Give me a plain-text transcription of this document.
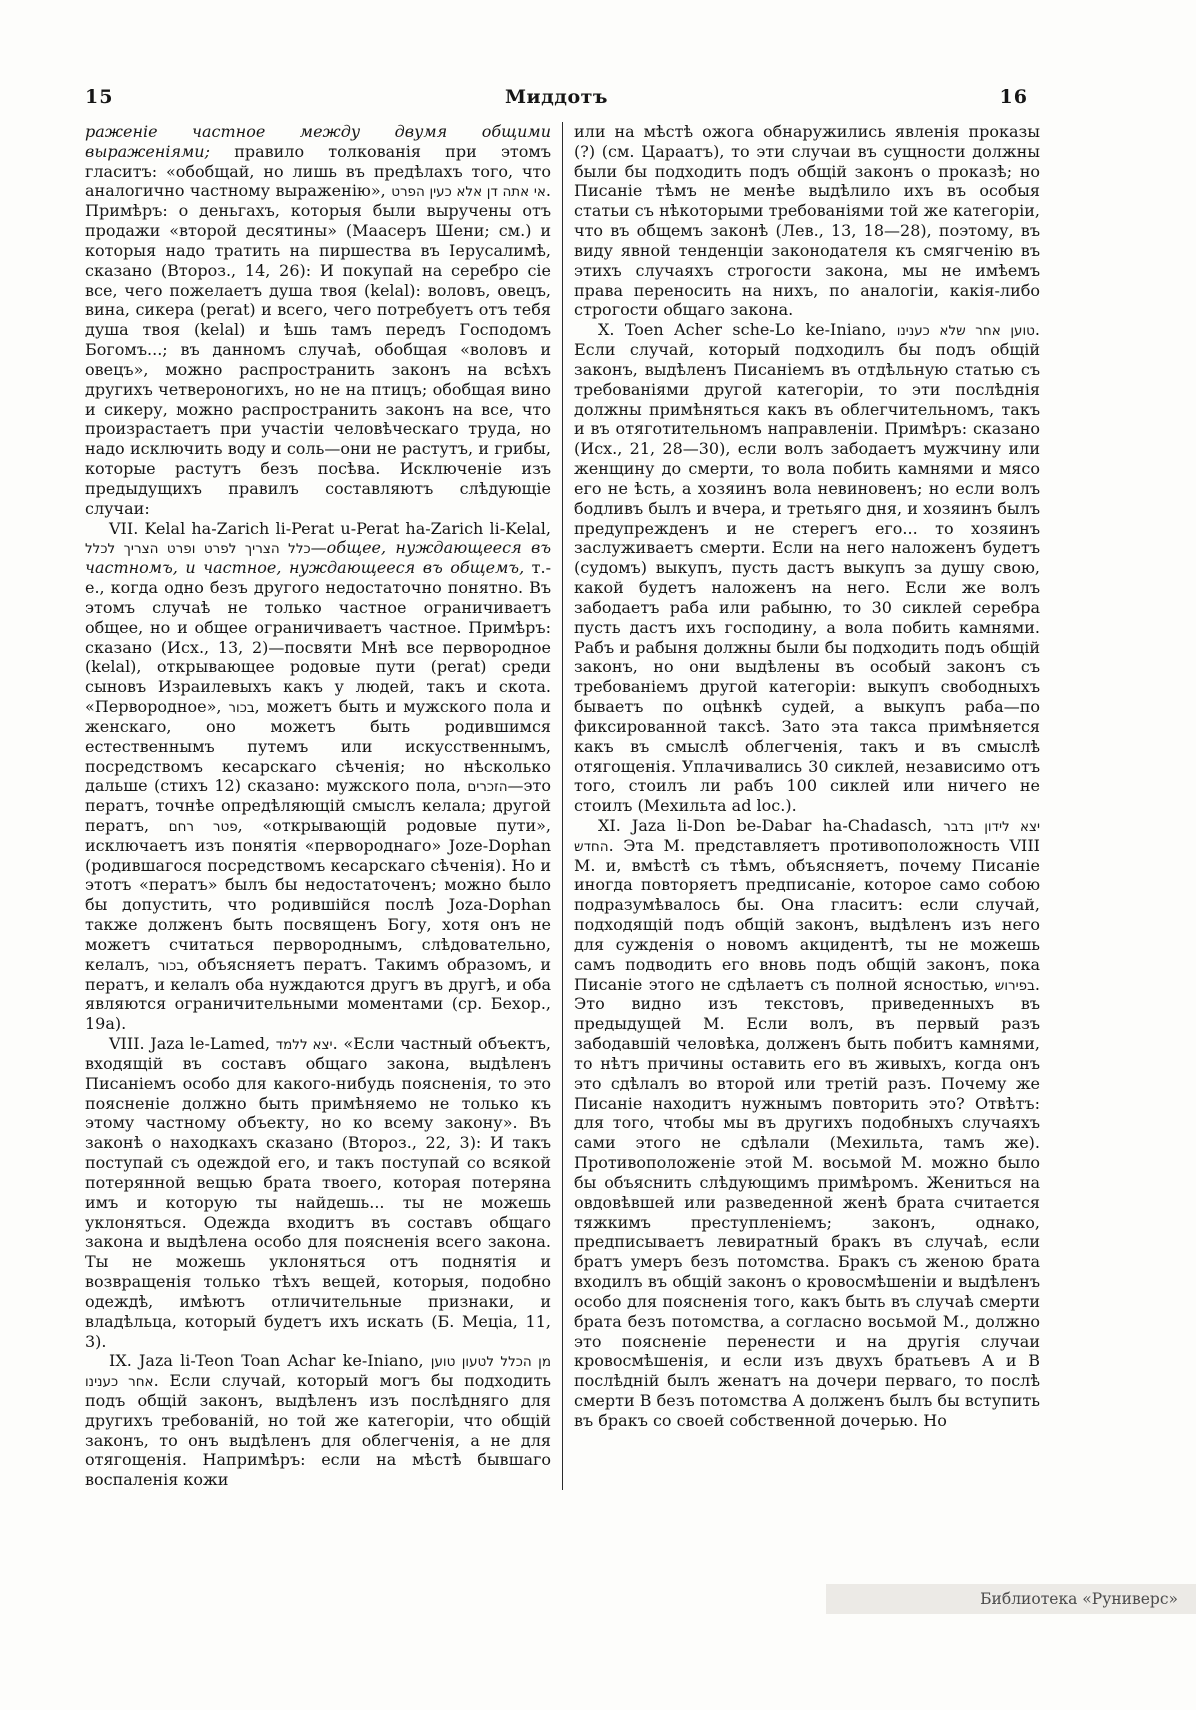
15	Миддотъ	16

раженіе частное между двумя общими выраженіями; правило толкованія при этомъ гласитъ: «обобщай, но лишь въ предѣлахъ того, что аналогично частному выраженію», אי אתה דן אלא כעין הפרט. Примѣръ: о деньгахъ, которыя были выручены отъ продажи «второй десятины» (Маасеръ Шени; см.) и которыя надо тратить на пиршества въ Іерусалимѣ, сказано (Второз., 14, 26): И покупай на серебро сіе все, чего пожелаетъ душа твоя (kelal): воловъ, овецъ, вина, сикера (perat) и всего, чего потребуетъ отъ тебя душа твоя (kelal) и ѣшь тамъ передъ Господомъ Богомъ...; въ данномъ случаѣ, обобщая «воловъ и овецъ», можно распространить законъ на всѣхъ другихъ четвероногихъ, но не на птицъ; обобщая вино и сикеру, можно распространить законъ на все, что произрастаетъ при участіи человѣческаго труда, но надо исключить воду и соль—они не растутъ, и грибы, которые растутъ безъ посѣва. Исключеніе изъ предыдущихъ правилъ составляютъ слѣдующіе случаи:

VII. Kelal ha-Zarich li-Perat u-Perat ha-Zarich li-Kelal, כלל הצריך לפרט ופרט הצריך לכלל—общее, нуждающееся въ частномъ, и частное, нуждающееся въ общемъ, т.-е., когда одно безъ другого недостаточно понятно. Въ этомъ случаѣ не только частное ограничиваетъ общее, но и общее ограничиваетъ частное. Примѣръ: сказано (Исх., 13, 2)—посвяти Мнѣ все первородное (kelal), открывающее родовые пути (perat) среди сыновъ Израилевыхъ какъ у людей, такъ и скота. «Первородное», בכור, можетъ быть и мужского пола и женскаго, оно можетъ быть родившимся естественнымъ путемъ или искусственнымъ, посредствомъ кесарскаго сѣченія; но нѣсколько дальше (стихъ 12) сказано: мужского пола, הזכרים—это ператъ, точнѣе опредѣляющій смыслъ келала; другой ператъ, פטר רחם, «открывающій родовые пути», исключаетъ изъ понятія «первороднаго» Joze-Dophan (родившагося посредствомъ кесарскаго сѣченія). Но и этотъ «ператъ» былъ бы недостаточенъ; можно было бы допустить, что родившійся послѣ Joza-Dophan также долженъ быть посвященъ Богу, хотя онъ не можетъ считаться первороднымъ, слѣдовательно, келалъ, בכור, объясняетъ ператъ. Такимъ образомъ, и ператъ, и келалъ оба нуждаются другъ въ другѣ, и оба являются ограничительными моментами (ср. Бехор., 19а).

VIII. Jaza le-Lamed, יצא ללמד. «Если частный объектъ, входящій въ составъ общаго закона, выдѣленъ Писаніемъ особо для какого-нибудь поясненія, то это поясненіе должно быть примѣняемо не только къ этому частному объекту, но ко всему закону». Въ законѣ о находкахъ сказано (Второз., 22, 3): И такъ поступай съ одеждой его, и такъ поступай со всякой потерянной вещью брата твоего, которая потеряна имъ и которую ты найдешь... ты не можешь уклоняться. Одежда входитъ въ составъ общаго закона и выдѣлена особо для поясненія всего закона. Ты не можешь уклоняться отъ поднятія и возвращенія только тѣхъ вещей, которыя, подобно одеждѣ, имѣютъ отличительные признаки, и владѣльца, который будетъ ихъ искать (Б. Меціа, 11, 3).

IX. Jaza li-Teon Toan Achar ke-Iniano, מן הכלל לטעון טוען אחר כענינו. Если случай, который могъ бы подходить подъ общій законъ, выдѣленъ изъ послѣдняго для другихъ требованій, но той же категоріи, что общій законъ, то онъ выдѣленъ для облегченія, а не для отягощенія. Напримѣръ: если на мѣстѣ бывшаго воспаленія кожи

или на мѣстѣ ожога обнаружились явленія проказы (?) (см. Цараатъ), то эти случаи въ сущности должны были бы подходить подъ общій законъ о проказѣ; но Писаніе тѣмъ не менѣе выдѣлило ихъ въ особыя статьи съ нѣкоторыми требованіями той же категоріи, что въ общемъ законѣ (Лев., 13, 18—28), поэтому, въ виду явной тенденціи законодателя къ смягченію въ этихъ случаяхъ строгости закона, мы не имѣемъ права переносить на нихъ, по аналогіи, какія-либо строгости общаго закона.

X. Toen Acher sche-Lo ke-Iniano, טוען אחר שלא כענינו. Если случай, который подходилъ бы подъ общій законъ, выдѣленъ Писаніемъ въ отдѣльную статью съ требованіями другой категоріи, то эти послѣднія должны примѣняться какъ въ облегчительномъ, такъ и въ отяготительномъ направленіи. Примѣръ: сказано (Исх., 21, 28—30), если волъ забодаетъ мужчину или женщину до смерти, то вола побить камнями и мясо его не ѣсть, а хозяинъ вола невиновенъ; но если волъ бодливъ былъ и вчера, и третьяго дня, и хозяинъ былъ предупрежденъ и не стерегъ его... то хозяинъ заслуживаетъ смерти. Если на него наложенъ будетъ (судомъ) выкупъ, пусть дастъ выкупъ за душу свою, какой будетъ наложенъ на него. Если же волъ забодаетъ раба или рабыню, то 30 сиклей серебра пусть дастъ ихъ господину, а вола побить камнями. Рабъ и рабыня должны были бы подходить подъ общій законъ, но они выдѣлены въ особый законъ съ требованіемъ другой категоріи: выкупъ свободныхъ бываетъ по оцѣнкѣ судей, а выкупъ раба—по фиксированной таксѣ. Зато эта такса примѣняется какъ въ смыслѣ облегченія, такъ и въ смыслѣ отягощенія. Уплачивались 30 сиклей, независимо отъ того, стоилъ ли рабъ 100 сиклей или ничего не стоилъ (Мехильта ad loc.).

XI. Jaza li-Don be-Dabar ha-Chadasch, יצא לידון בדבר החדש. Эта М. представляетъ противоположность VIII М. и, вмѣстѣ съ тѣмъ, объясняетъ, почему Писаніе иногда повторяетъ предписаніе, которое само собою подразумѣвалось бы. Она гласитъ: если случай, подходящій подъ общій законъ, выдѣленъ изъ него для сужденія о новомъ акцидентѣ, ты не можешь самъ подводить его вновь подъ общій законъ, пока Писаніе этого не сдѣлаетъ съ полной ясностью, בפירוש. Это видно изъ текстовъ, приведенныхъ въ предыдущей М. Если волъ, въ первый разъ забодавшій человѣка, долженъ быть побитъ камнями, то нѣтъ причины оставить его въ живыхъ, когда онъ это сдѣлалъ во второй или третій разъ. Почему же Писаніе находитъ нужнымъ повторить это? Отвѣтъ: для того, чтобы мы въ другихъ подобныхъ случаяхъ сами этого не сдѣлали (Мехильта, тамъ же). Противоположеніе этой М. восьмой М. можно было бы объяснить слѣдующимъ примѣромъ. Жениться на овдовѣвшей или разведенной женѣ брата считается тяжкимъ преступленіемъ; законъ, однако, предписываетъ левиратный бракъ въ случаѣ, если братъ умеръ безъ потомства. Бракъ съ женою брата входилъ въ общій законъ о кровосмѣшеніи и выдѣленъ особо для поясненія того, какъ быть въ случаѣ смерти брата безъ потомства, а согласно восьмой М., должно это поясненіе перенести и на другія случаи кровосмѣшенія, и если изъ двухъ братьевъ А и В послѣдній былъ женатъ на дочери перваго, то послѣ смерти В безъ потомства А долженъ былъ бы вступить въ бракъ со своей собственной дочерью. Но

Библиотека «Руниверс»
